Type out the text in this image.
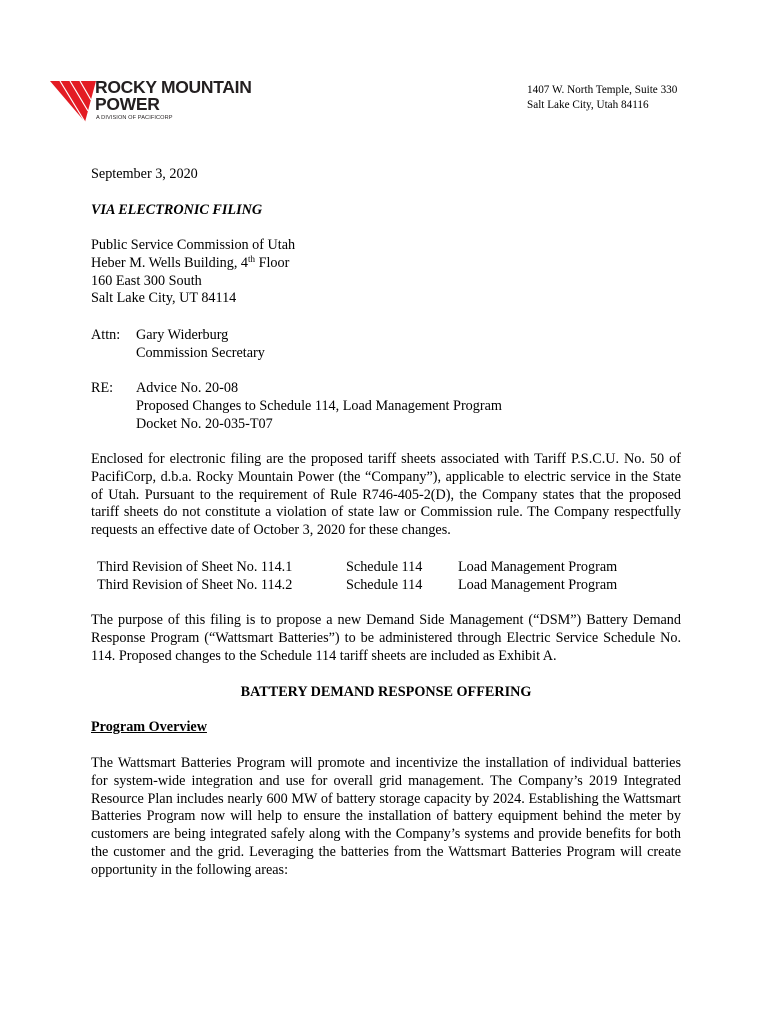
ROCKY MOUNTAIN
POWER
A DIVISION OF PACIFICORP
1407 W. North Temple, Suite 330
Salt Lake City, Utah 84116
September 3, 2020
VIA ELECTRONIC FILING
Public Service Commission of Utah
Heber M. Wells Building, 4th Floor
160 East 300 South
Salt Lake City, UT 84114
Attn: Gary Widerburg
Commission Secretary
RE: Advice No. 20-08
Proposed Changes to Schedule 114, Load Management Program
Docket No. 20-035-T07
Enclosed for electronic filing are the proposed tariff sheets associated with Tariff P.S.C.U. No. 50 of PacifiCorp, d.b.a. Rocky Mountain Power (the “Company”), applicable to electric service in the State of Utah. Pursuant to the requirement of Rule R746-405-2(D), the Company states that the proposed tariff sheets do not constitute a violation of state law or Commission rule. The Company respectfully requests an effective date of October 3, 2020 for these changes.
Third Revision of Sheet No. 114.1	Schedule 114	Load Management Program
Third Revision of Sheet No. 114.2	Schedule 114	Load Management Program
The purpose of this filing is to propose a new Demand Side Management (“DSM”) Battery Demand Response Program (“Wattsmart Batteries”) to be administered through Electric Service Schedule No. 114. Proposed changes to the Schedule 114 tariff sheets are included as Exhibit A.
BATTERY DEMAND RESPONSE OFFERING
Program Overview
The Wattsmart Batteries Program will promote and incentivize the installation of individual batteries for system-wide integration and use for overall grid management. The Company’s 2019 Integrated Resource Plan includes nearly 600 MW of battery storage capacity by 2024. Establishing the Wattsmart Batteries Program now will help to ensure the installation of battery equipment behind the meter by customers are being integrated safely along with the Company’s systems and provide benefits for both the customer and the grid. Leveraging the batteries from the Wattsmart Batteries Program will create opportunity in the following areas:
